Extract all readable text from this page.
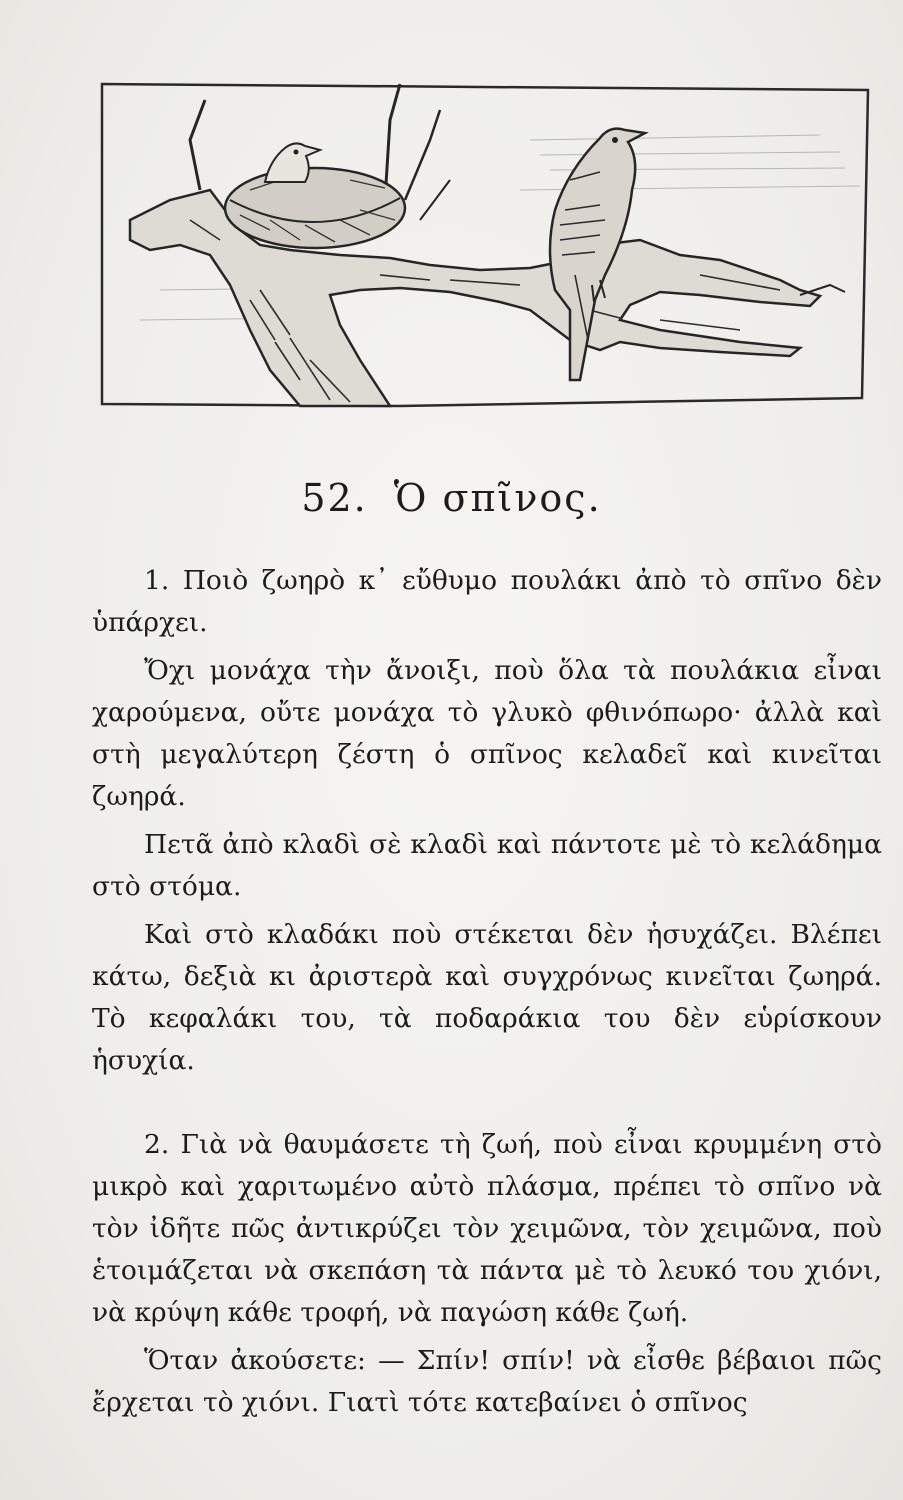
52. Ὁ σπῖνος.

1. Ποιὸ ζωηρὸ κ᾽ εὔθυμο πουλάκι ἀπὸ τὸ σπῖνο δὲν ὑπάρχει.

Ὄχι μονάχα τὴν ἄνοιξι, ποὺ ὅλα τὰ πουλάκια εἶναι χαρούμενα, οὔτε μονάχα τὸ γλυκὸ φθινόπωρο· ἀλλὰ καὶ στὴ μεγαλύτερη ζέστη ὁ σπῖνος κελαδεῖ καὶ κινεῖται ζωηρά.

Πετᾶ ἀπὸ κλαδὶ σὲ κλαδὶ καὶ πάντοτε μὲ τὸ κελάδημα στὸ στόμα.

Καὶ στὸ κλαδάκι ποὺ στέκεται δὲν ἡσυχάζει. Βλέπει κάτω, δεξιὰ κι ἀριστερὰ καὶ συγχρόνως κινεῖται ζωηρά. Τὸ κεφαλάκι του, τὰ ποδαράκια του δὲν εὑρίσκουν ἡσυχία.

2. Γιὰ νὰ θαυμάσετε τὴ ζωή, ποὺ εἶναι κρυμμένη στὸ μικρὸ καὶ χαριτωμένο αὐτὸ πλάσμα, πρέπει τὸ σπῖνο νὰ τὸν ἰδῆτε πῶς ἀντικρύζει τὸν χειμῶνα, τὸν χειμῶνα, ποὺ ἑτοιμάζεται νὰ σκεπάση τὰ πάντα μὲ τὸ λευκό του χιόνι, νὰ κρύψη κάθε τροφή, νὰ παγώση κάθε ζωή.

Ὅταν ἀκούσετε: — Σπίν! σπίν! νὰ εἶσθε βέβαιοι πῶς ἔρχεται τὸ χιόνι. Γιατὶ τότε κατεβαίνει ὁ σπῖνος
